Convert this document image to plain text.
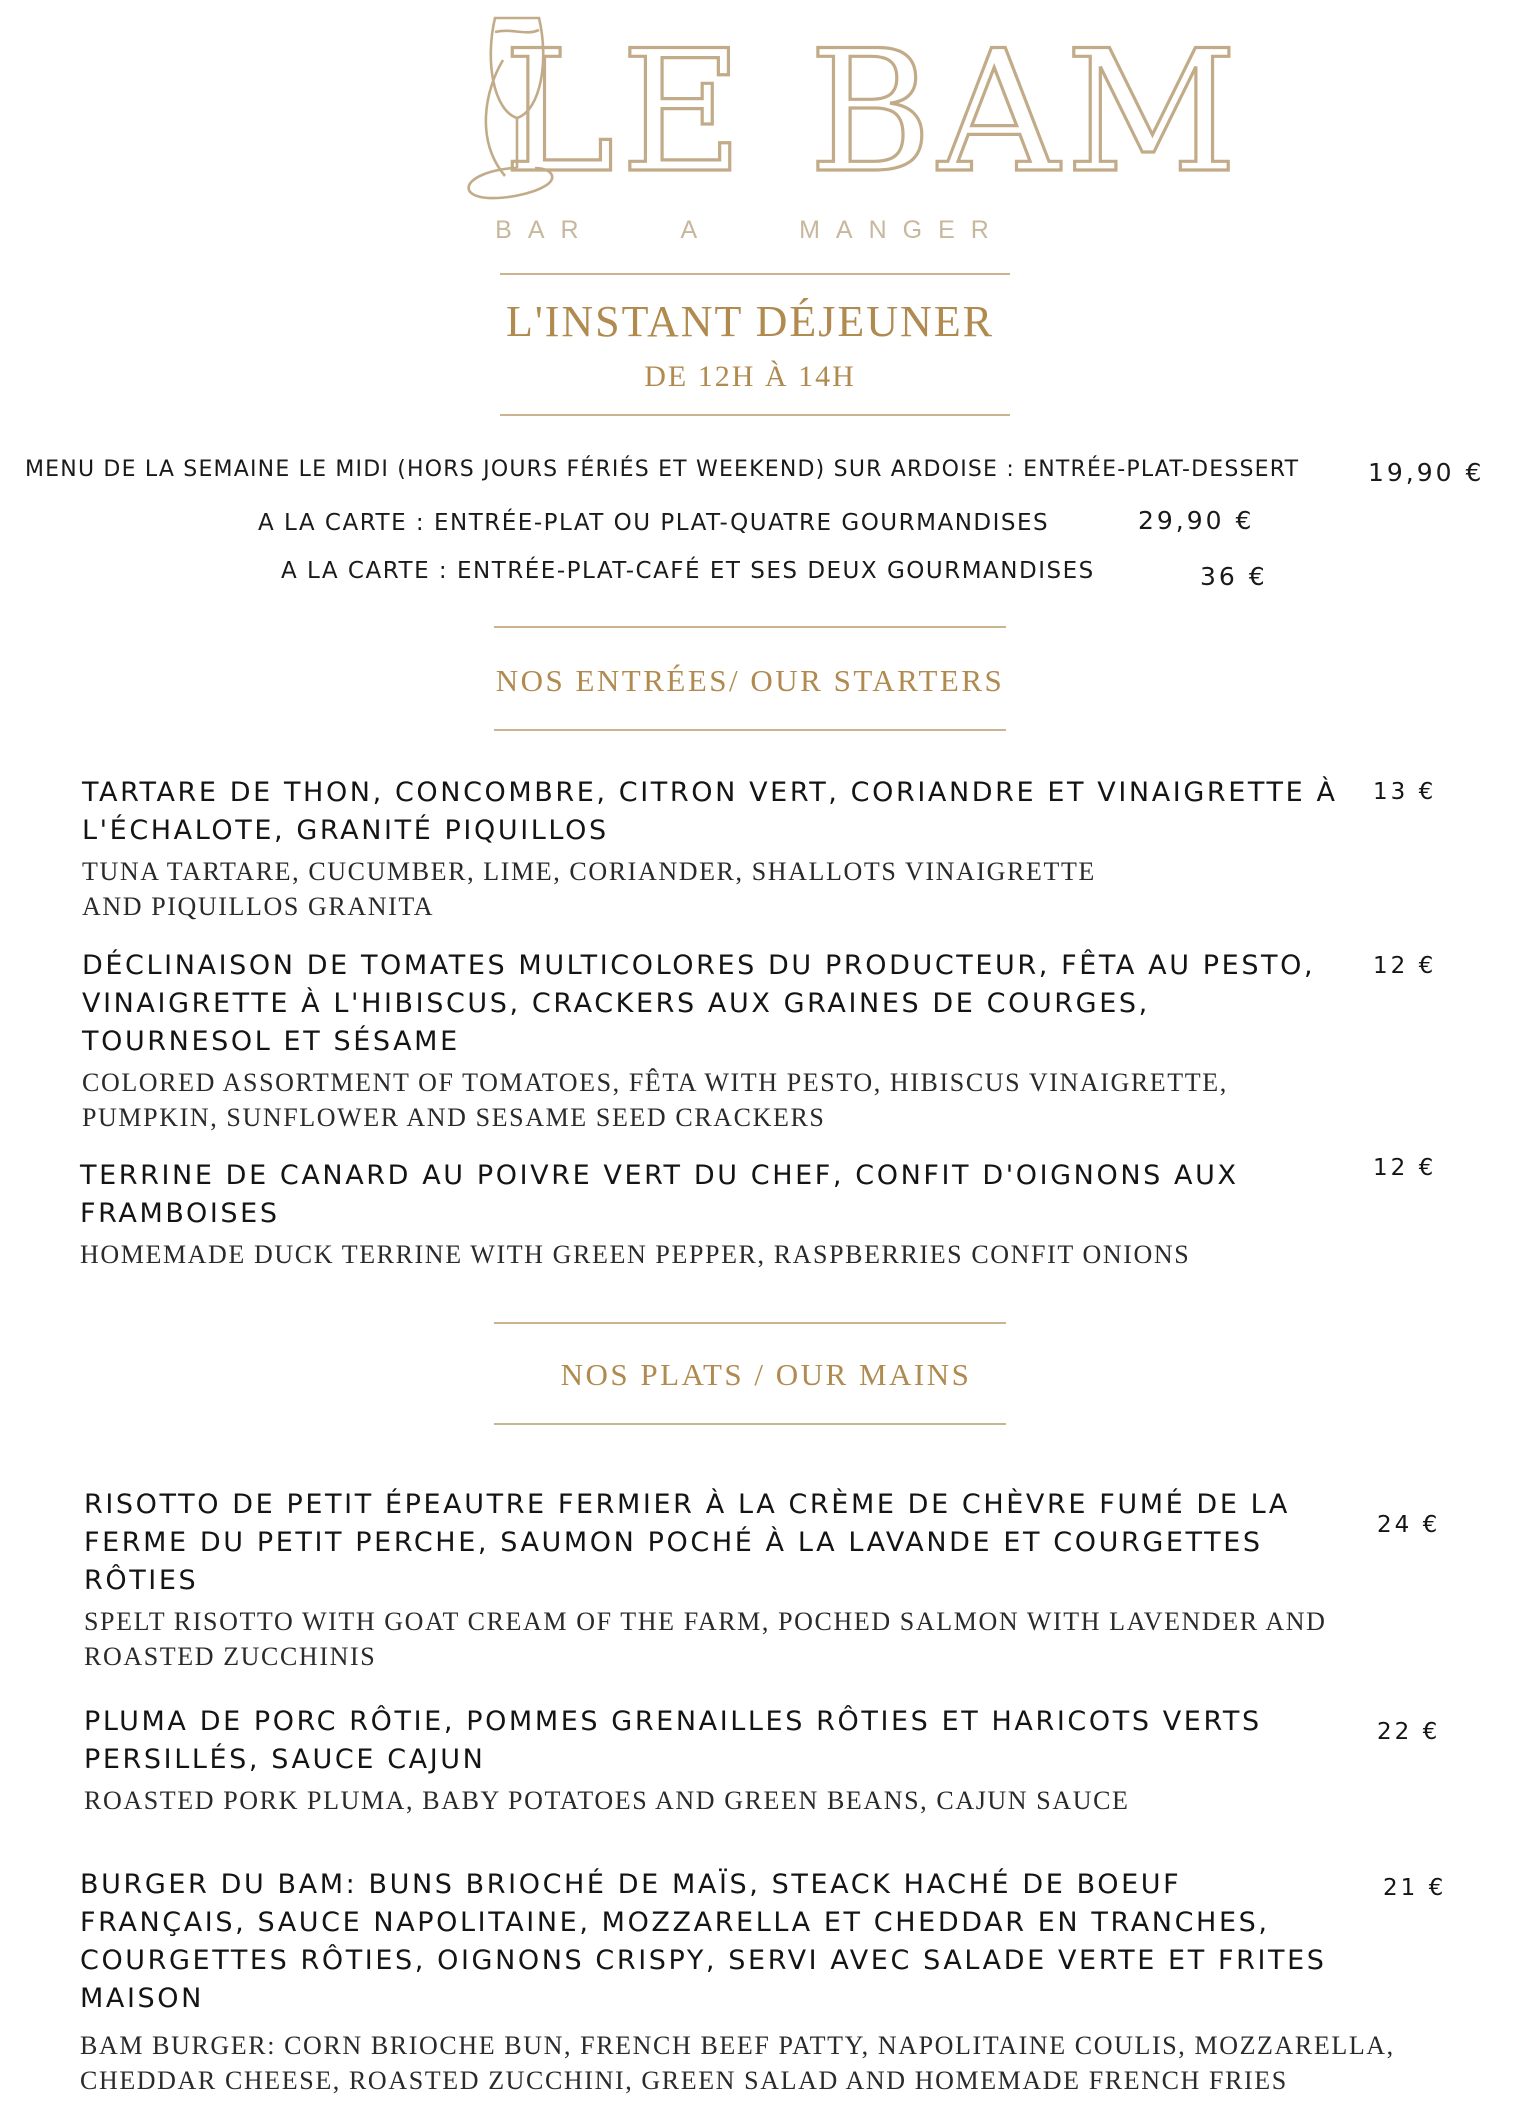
LE BAM
BAR	A	MANGER
L'INSTANT DÉJEUNER
DE 12H À 14H
MENU DE LA SEMAINE LE MIDI (HORS JOURS FÉRIÉS ET WEEKEND) SUR ARDOISE : ENTRÉE-PLAT-DESSERT	19,90 €
A LA CARTE : ENTRÉE-PLAT OU PLAT-QUATRE GOURMANDISES	29,90 €
A LA CARTE : ENTRÉE-PLAT-CAFÉ ET SES DEUX GOURMANDISES	36 €
NOS ENTRÉES/ OUR STARTERS
TARTARE DE THON, CONCOMBRE, CITRON VERT, CORIANDRE ET VINAIGRETTE À L'ÉCHALOTE, GRANITÉ PIQUILLOS
TUNA TARTARE, CUCUMBER, LIME, CORIANDER, SHALLOTS VINAIGRETTE AND PIQUILLOS GRANITA
13 €
DÉCLINAISON DE TOMATES MULTICOLORES DU PRODUCTEUR, FÊTA AU PESTO, VINAIGRETTE À L'HIBISCUS, CRACKERS AUX GRAINES DE COURGES, TOURNESOL ET SÉSAME
COLORED ASSORTMENT OF TOMATOES, FÊTA WITH PESTO, HIBISCUS VINAIGRETTE, PUMPKIN, SUNFLOWER AND SESAME SEED CRACKERS
12 €
TERRINE DE CANARD AU POIVRE VERT DU CHEF, CONFIT D'OIGNONS AUX FRAMBOISES
HOMEMADE DUCK TERRINE WITH GREEN PEPPER, RASPBERRIES CONFIT ONIONS
12 €
NOS PLATS / OUR MAINS
RISOTTO DE PETIT ÉPEAUTRE FERMIER À LA CRÈME DE CHÈVRE FUMÉ DE LA FERME DU PETIT PERCHE, SAUMON POCHÉ À LA LAVANDE ET COURGETTES RÔTIES
SPELT RISOTTO WITH GOAT CREAM OF THE FARM, POCHED SALMON WITH LAVENDER AND ROASTED ZUCCHINIS
24 €
PLUMA DE PORC RÔTIE, POMMES GRENAILLES RÔTIES ET HARICOTS VERTS PERSILLÉS, SAUCE CAJUN
ROASTED PORK PLUMA, BABY POTATOES AND GREEN BEANS, CAJUN SAUCE
22 €
BURGER DU BAM: BUNS BRIOCHÉ DE MAÏS, STEACK HACHÉ DE BOEUF FRANÇAIS, SAUCE NAPOLITAINE, MOZZARELLA ET CHEDDAR EN TRANCHES, COURGETTES RÔTIES, OIGNONS CRISPY, SERVI AVEC SALADE VERTE ET FRITES MAISON
BAM BURGER: CORN BRIOCHE BUN, FRENCH BEEF PATTY, NAPOLITAINE COULIS, MOZZARELLA, CHEDDAR CHEESE, ROASTED ZUCCHINI, GREEN SALAD AND HOMEMADE FRENCH FRIES
21 €
